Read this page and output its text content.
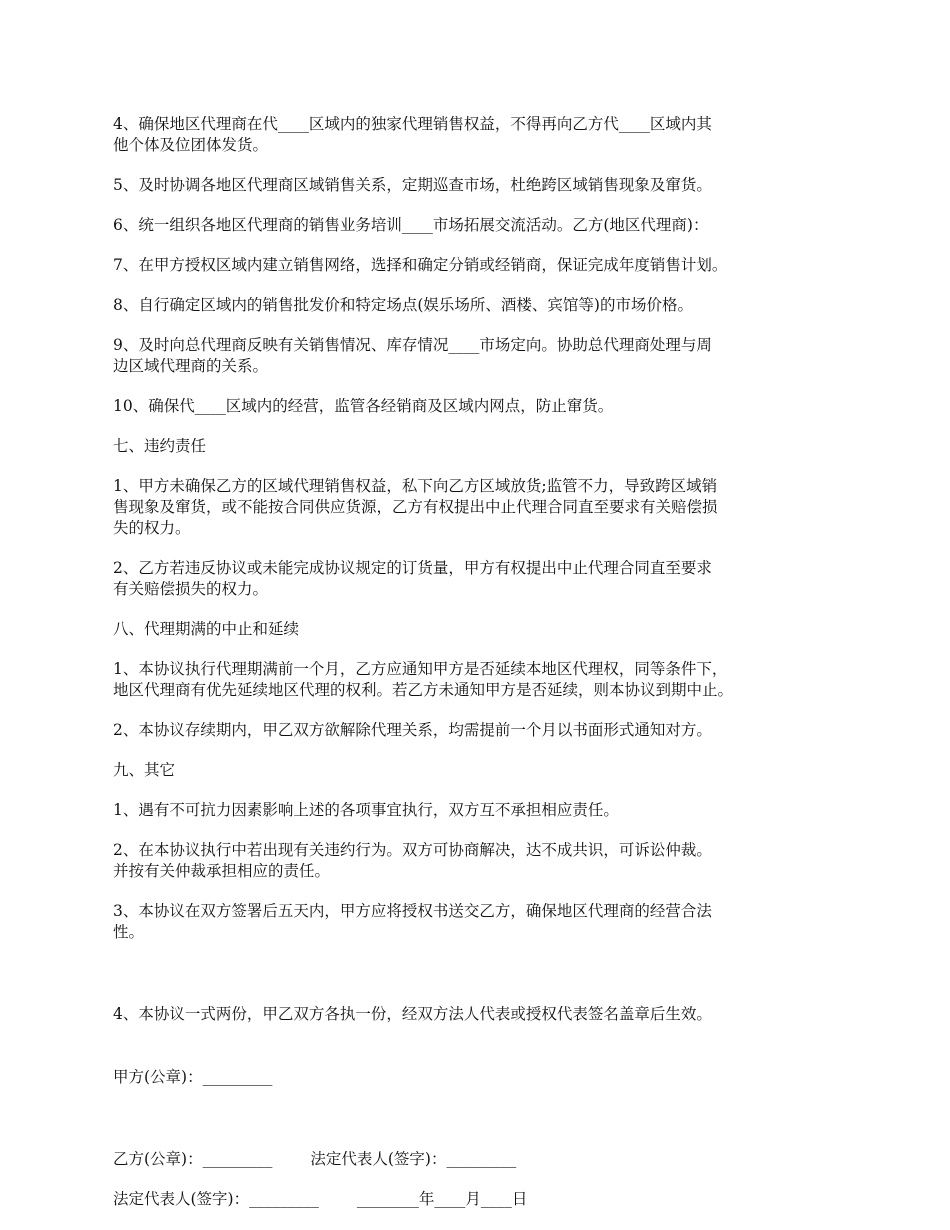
4、确保地区代理商在代____区域内的独家代理销售权益，不得再向乙方代____区域内其
他个体及位团体发货。
5、及时协调各地区代理商区域销售关系，定期巡查市场，杜绝跨区域销售现象及窜货。
6、统一组织各地区代理商的销售业务培训____市场拓展交流活动。乙方(地区代理商)：
7、在甲方授权区域内建立销售网络，选择和确定分销或经销商，保证完成年度销售计划。
8、自行确定区域内的销售批发价和特定场点(娱乐场所、酒楼、宾馆等)的市场价格。
9、及时向总代理商反映有关销售情况、库存情况____市场定向。协助总代理商处理与周
边区域代理商的关系。
10、确保代____区域内的经营，监管各经销商及区域内网点，防止窜货。
七、违约责任
1、甲方未确保乙方的区域代理销售权益，私下向乙方区域放货;监管不力，导致跨区域销
售现象及窜货，或不能按合同供应货源，乙方有权提出中止代理合同直至要求有关赔偿损
失的权力。
2、乙方若违反协议或未能完成协议规定的订货量，甲方有权提出中止代理合同直至要求
有关赔偿损失的权力。
八、代理期满的中止和延续
1、本协议执行代理期满前一个月，乙方应通知甲方是否延续本地区代理权，同等条件下，
地区代理商有优先延续地区代理的权利。若乙方未通知甲方是否延续，则本协议到期中止。
2、本协议存续期内，甲乙双方欲解除代理关系，均需提前一个月以书面形式通知对方。
九、其它
1、遇有不可抗力因素影响上述的各项事宜执行，双方互不承担相应责任。
2、在本协议执行中若出现有关违约行为。双方可协商解决，达不成共识，可诉讼仲裁。
并按有关仲裁承担相应的责任。
3、本协议在双方签署后五天内，甲方应将授权书送交乙方，确保地区代理商的经营合法
性。

4、本协议一式两份，甲乙双方各执一份，经双方法人代表或授权代表签名盖章后生效。

甲方(公章)：_________

乙方(公章)：_________ 法定代表人(签字)：_________
法定代表人(签字)：_________ ________年____月____日
